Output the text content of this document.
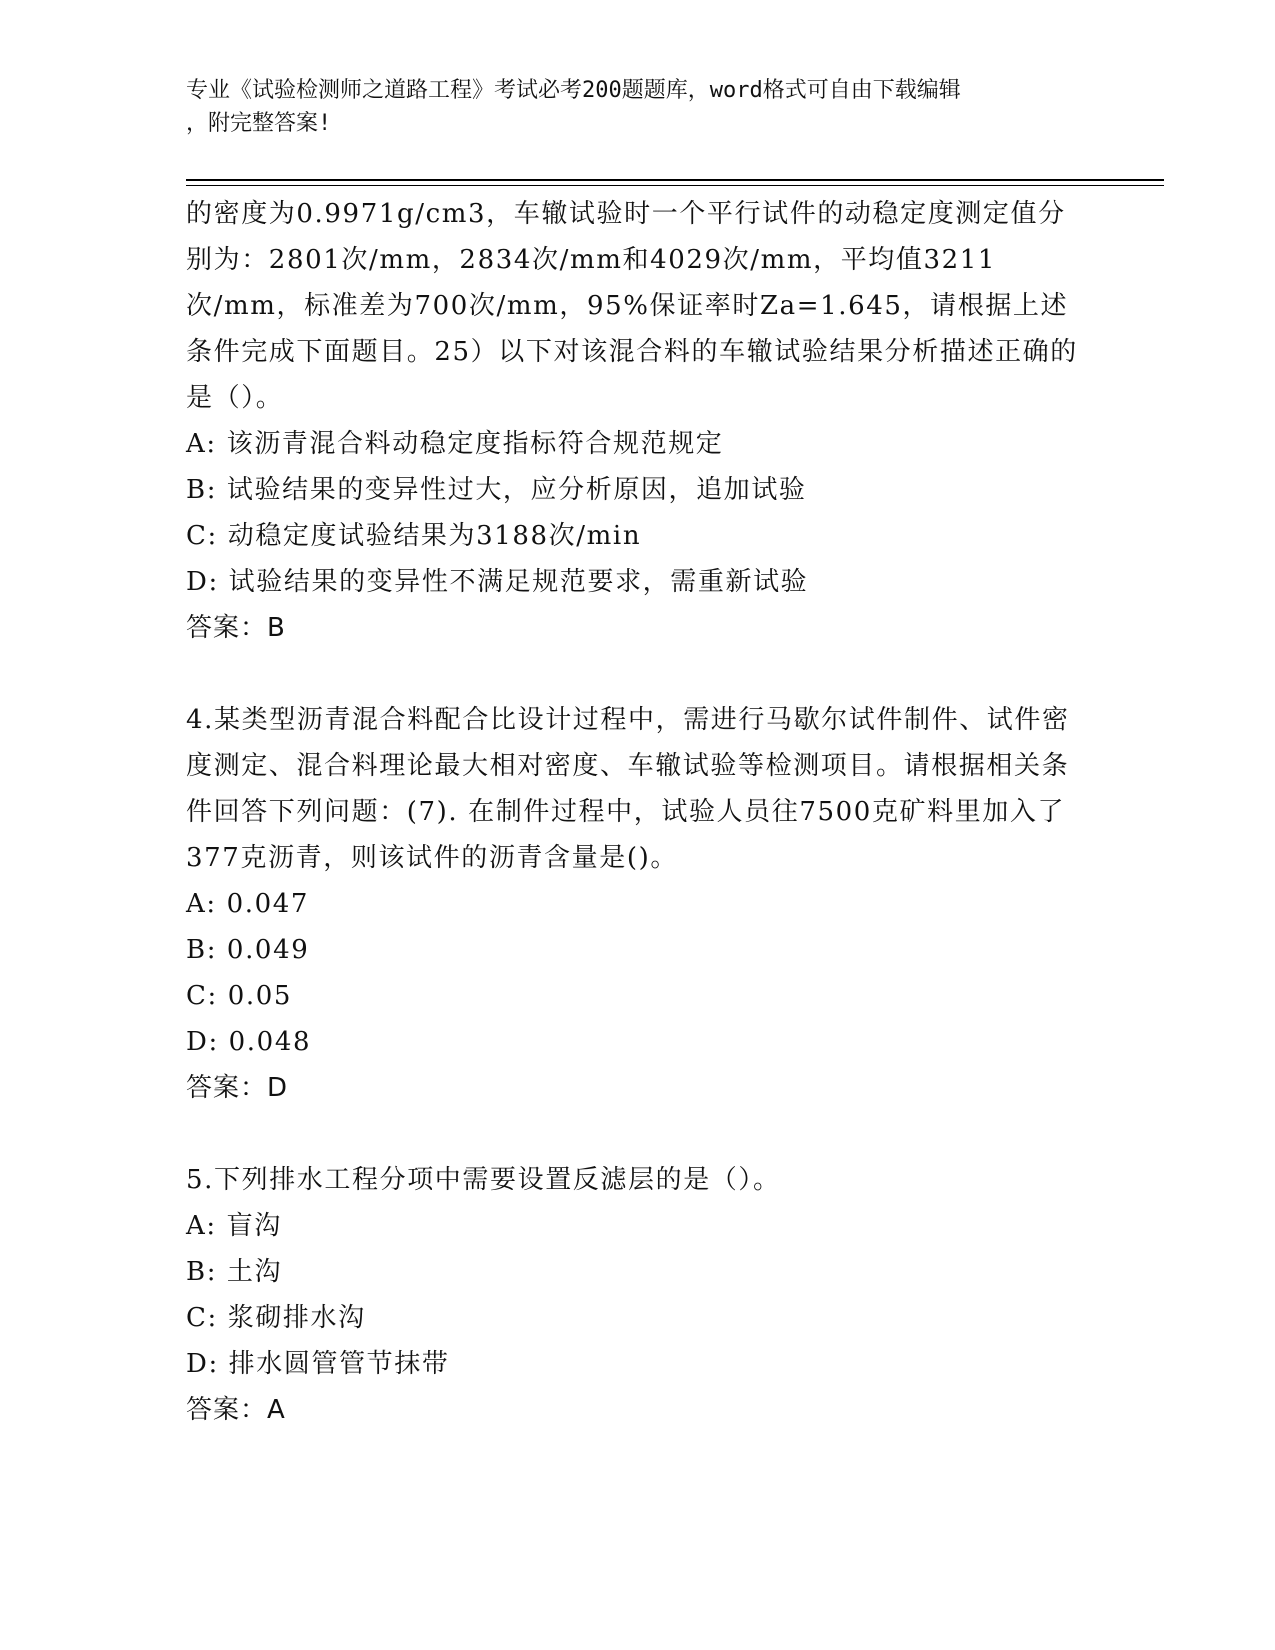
专业《试验检测师之道路工程》考试必考200题题库，word格式可自由下载编辑
，附完整答案!

的密度为0.9971g/cm3，车辙试验时一个平行试件的动稳定度测定值分别为：2801次/mm，2834次/mm和4029次/mm，平均值3211次/mm，标准差为700次/mm，95%保证率时Za=1.645，请根据上述条件完成下面题目。25）以下对该混合料的车辙试验结果分析描述正确的是（）。

A: 该沥青混合料动稳定度指标符合规范规定

B: 试验结果的变异性过大，应分析原因，追加试验

C: 动稳定度试验结果为3188次/min

D: 试验结果的变异性不满足规范要求，需重新试验

答案：B

4.某类型沥青混合料配合比设计过程中，需进行马歇尔试件制件、试件密度测定、混合料理论最大相对密度、车辙试验等检测项目。请根据相关条件回答下列问题：(7). 在制件过程中，试验人员往7500克矿料里加入了377克沥青，则该试件的沥青含量是()。

A: 0.047

B: 0.049

C: 0.05

D: 0.048

答案：D

5.下列排水工程分项中需要设置反滤层的是（）。

A: 盲沟

B: 土沟

C: 浆砌排水沟

D: 排水圆管管节抹带

答案：A
